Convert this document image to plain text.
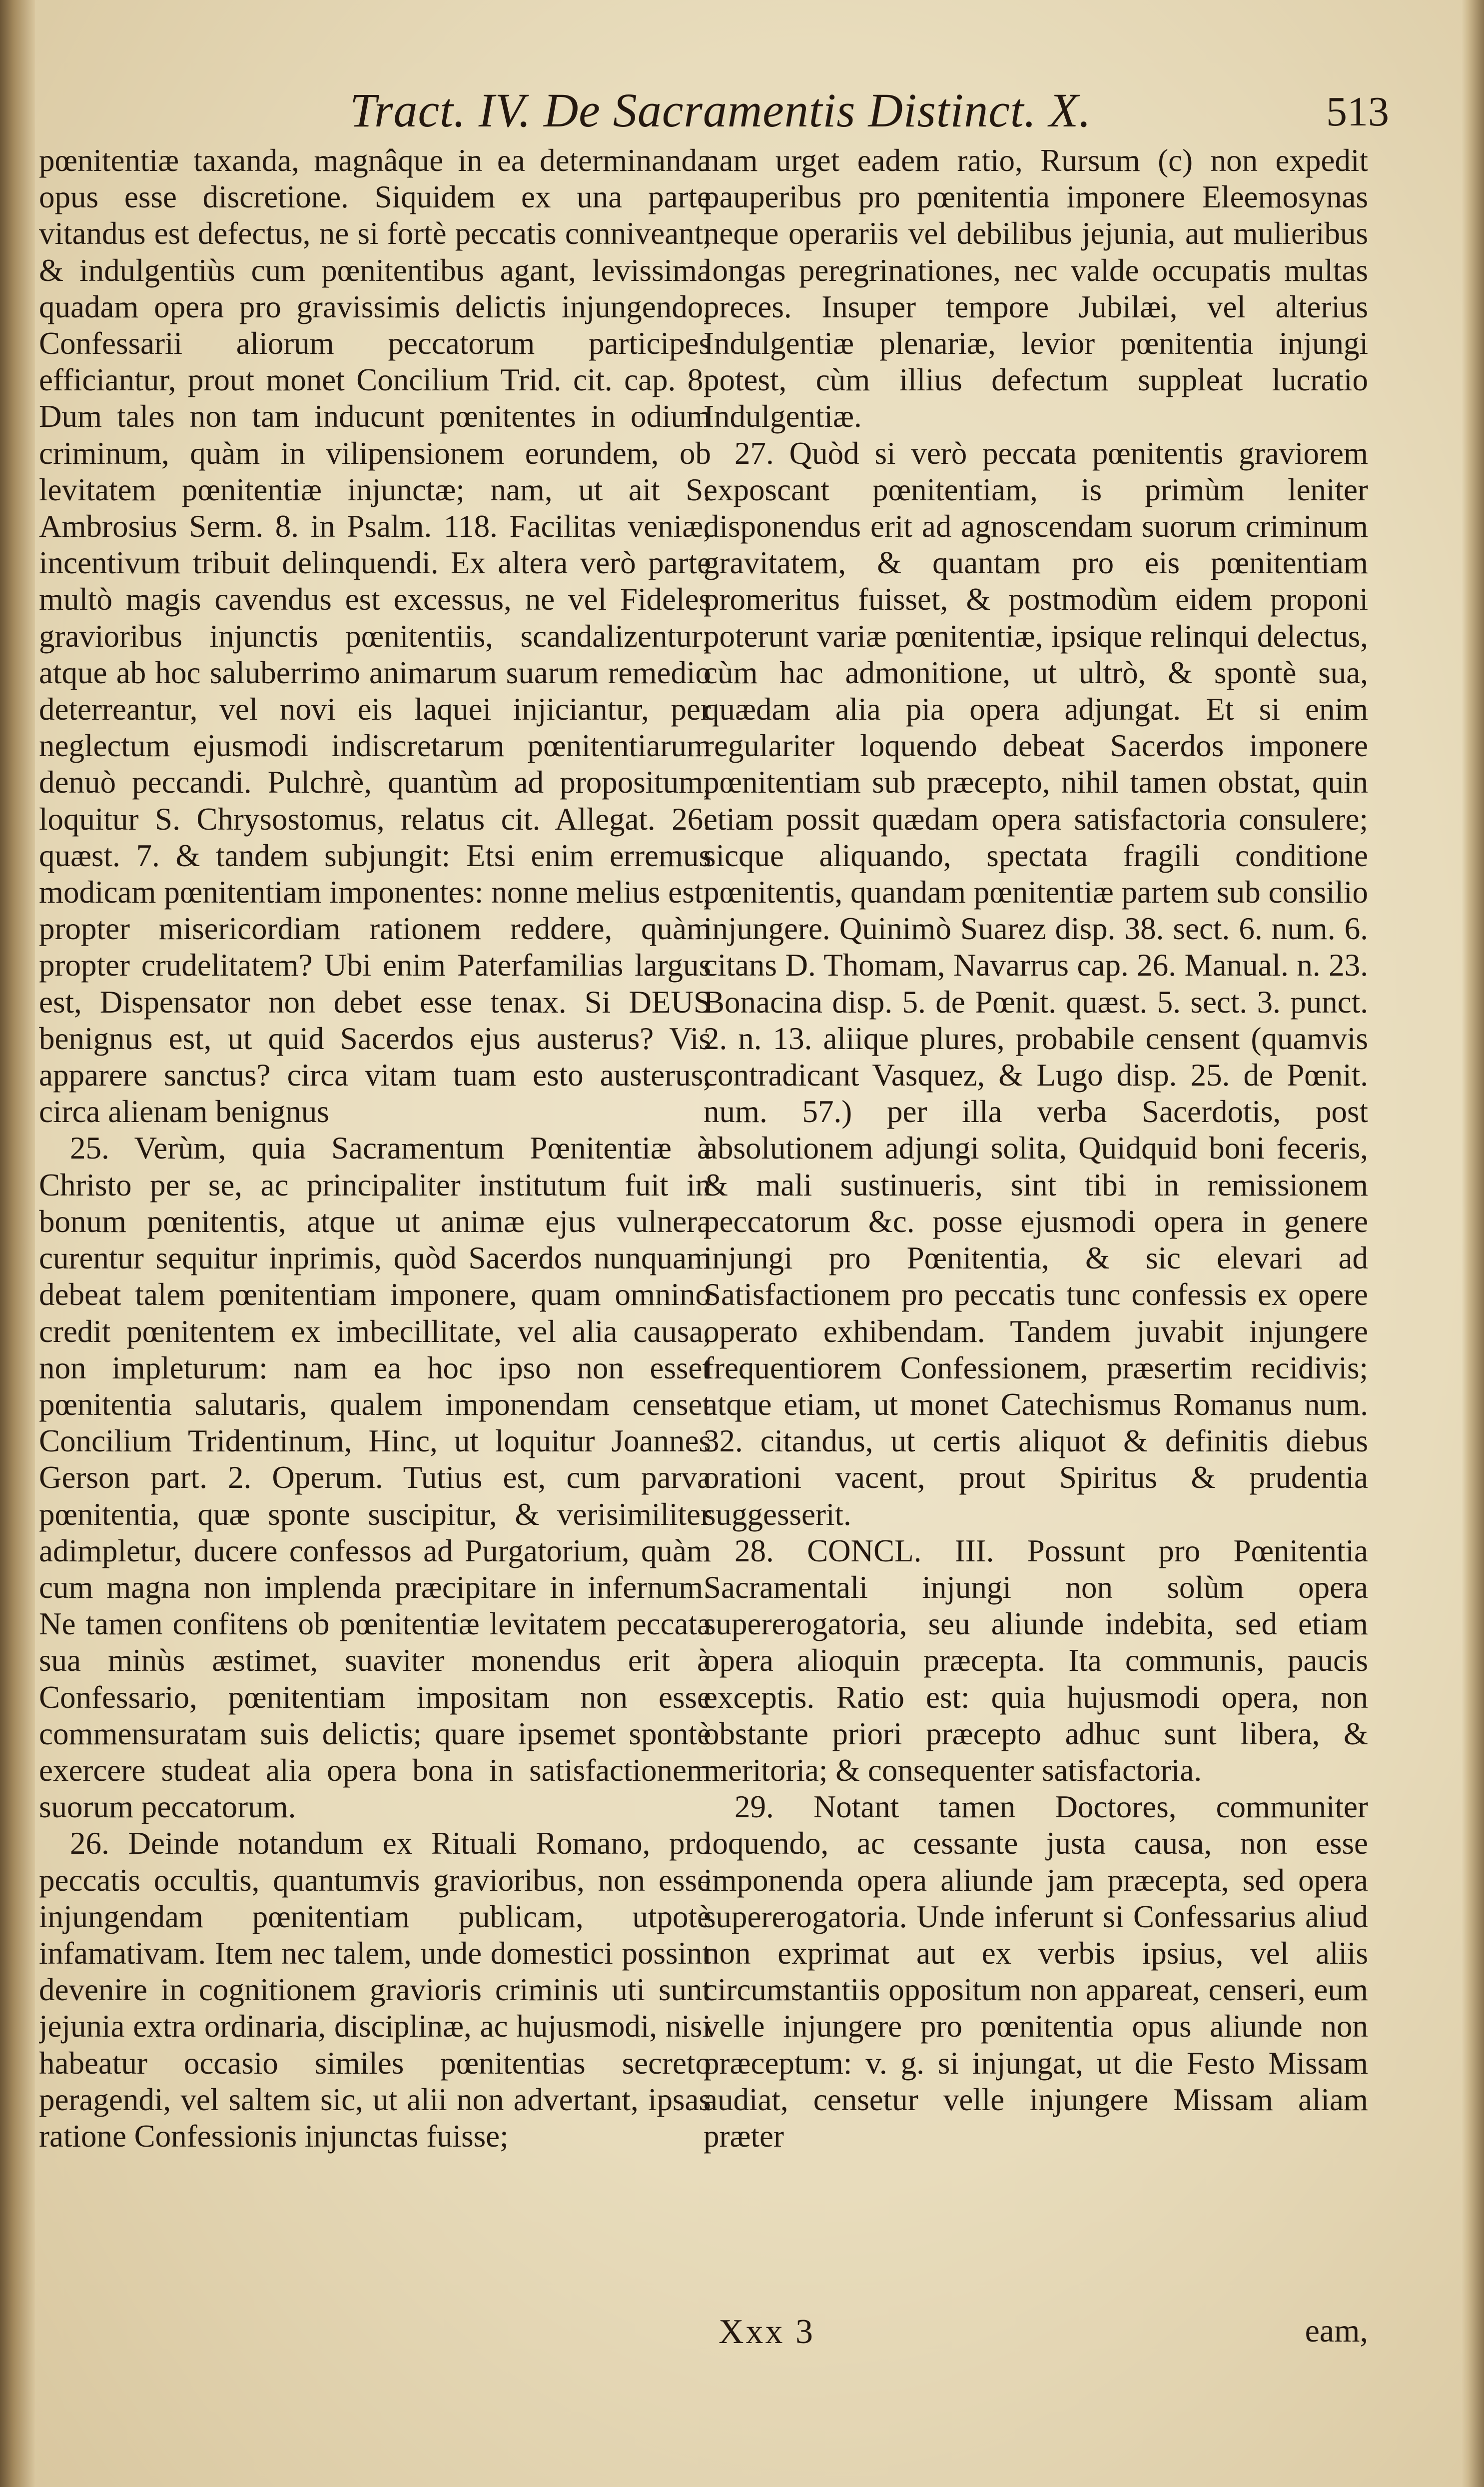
Tract. IV. De Sacramentis Distinct. X.	513

pœnitentiæ taxanda, magnâque in ea determinanda opus esse discretione. Siquidem ex una parte vitandus est defectus, ne si fortè peccatis conniveant, & indulgentiùs cum pœnitentibus agant, levissima quadam opera pro gravissimis delictis injungendo, Confessarii aliorum peccatorum participes efficiantur, prout monet Concilium Trid. cit. cap. 8. Dum tales non tam inducunt pœnitentes in odium criminum, quàm in vilipensionem eorundem, ob levitatem pœnitentiæ injunctæ; nam, ut ait S. Ambrosius Serm. 8. in Psalm. 118. Facilitas veniæ, incentivum tribuit delinquendi. Ex altera verò parte multò magis cavendus est excessus, ne vel Fideles gravioribus injunctis pœnitentiis, scandalizentur; atque ab hoc saluberrimo animarum suarum remedio deterreantur, vel novi eis laquei injiciantur, per neglectum ejusmodi indiscretarum pœnitentiarum denuò peccandi. Pulchrè, quantùm ad propositum, loquitur S. Chrysostomus, relatus cit. Allegat. 26. quæst. 7. & tandem subjungit: Etsi enim erremus modicam pœnitentiam imponentes: nonne melius est, propter misericordiam rationem reddere, quàm propter crudelitatem? Ubi enim Paterfamilias largus est, Dispensator non debet esse tenax. Si DEUS benignus est, ut quid Sacerdos ejus austerus? Vis apparere sanctus? circa vitam tuam esto austerus, circa alienam benignus

25. Verùm, quia Sacramentum Pœnitentiæ à Christo per se, ac principaliter institutum fuit in bonum pœnitentis, atque ut animæ ejus vulnera curentur sequitur inprimis, quòd Sacerdos nunquam debeat talem pœnitentiam imponere, quam omnino credit pœnitentem ex imbecillitate, vel alia causa, non impleturum: nam ea hoc ipso non esset pœnitentia salutaris, qualem imponendam censet Concilium Tridentinum, Hinc, ut loquitur Joannes Gerson part. 2. Operum. Tutius est, cum parva pœnitentia, quæ sponte suscipitur, & verisimiliter adimpletur, ducere confessos ad Purgatorium, quàm cum magna non implenda præcipitare in infernum. Ne tamen confitens ob pœnitentiæ levitatem peccata sua minùs æstimet, suaviter monendus erit à Confessario, pœnitentiam impositam non esse commensuratam suis delictis; quare ipsemet spontè exercere studeat alia opera bona in satisfactionem suorum peccatorum.

26. Deinde notandum ex Rituali Romano, pro peccatis occultis, quantumvis gravioribus, non esse injungendam pœnitentiam publicam, utpotè infamativam. Item nec talem, unde domestici possint devenire in cognitionem gravioris criminis uti sunt jejunia extra ordinaria, disciplinæ, ac hujusmodi, nisi habeatur occasio similes pœnitentias secreto peragendi, vel saltem sic, ut alii non advertant, ipsas ratione Confessionis injunctas fuisse;

nam urget eadem ratio, Rursum (c) non expedit pauperibus pro pœnitentia imponere Eleemosynas neque operariis vel debilibus jejunia, aut mulieribus longas peregrinationes, nec valde occupatis multas preces. Insuper tempore Jubilæi, vel alterius Indulgentiæ plenariæ, levior pœnitentia injungi potest, cùm illius defectum suppleat lucratio Indulgentiæ.

27. Quòd si verò peccata pœnitentis graviorem exposcant pœnitentiam, is primùm leniter disponendus erit ad agnoscendam suorum criminum gravitatem, & quantam pro eis pœnitentiam promeritus fuisset, & postmodùm eidem proponi poterunt variæ pœnitentiæ, ipsique relinqui delectus, cùm hac admonitione, ut ultrò, & spontè sua, quædam alia pia opera adjungat. Et si enim regulariter loquendo debeat Sacerdos imponere pœnitentiam sub præcepto, nihil tamen obstat, quin etiam possit quædam opera satisfactoria consulere; sicque aliquando, spectata fragili conditione pœnitentis, quandam pœnitentiæ partem sub consilio injungere. Quinimò Suarez disp. 38. sect. 6. num. 6. citans D. Thomam, Navarrus cap. 26. Manual. n. 23. Bonacina disp. 5. de Pœnit. quæst. 5. sect. 3. punct. 2. n. 13. aliique plures, probabile censent (quamvis contradicant Vasquez, & Lugo disp. 25. de Pœnit. num. 57.) per illa verba Sacerdotis, post absolutionem adjungi solita, Quidquid boni feceris, & mali sustinueris, sint tibi in remissionem peccatorum &c. posse ejusmodi opera in genere injungi pro Pœnitentia, & sic elevari ad Satisfactionem pro peccatis tunc confessis ex opere operato exhibendam. Tandem juvabit injungere frequentiorem Confessionem, præsertim recidivis; atque etiam, ut monet Catechismus Romanus num. 32. citandus, ut certis aliquot & definitis diebus orationi vacent, prout Spiritus & prudentia suggesserit.

28. CONCL. III. Possunt pro Pœnitentia Sacramentali injungi non solùm opera supererogatoria, seu aliunde indebita, sed etiam opera alioquin præcepta. Ita communis, paucis exceptis. Ratio est: quia hujusmodi opera, non obstante priori præcepto adhuc sunt libera, & meritoria; & consequenter satisfactoria.

29. Notant tamen Doctores, communiter loquendo, ac cessante justa causa, non esse imponenda opera aliunde jam præcepta, sed opera supererogatoria. Unde inferunt si Confessarius aliud non exprimat aut ex verbis ipsius, vel aliis circumstantiis oppositum non appareat, censeri, eum velle injungere pro pœnitentia opus aliunde non præceptum: v. g. si injungat, ut die Festo Missam audiat, censetur velle injungere Missam aliam præter

Xxx 3	eam,
